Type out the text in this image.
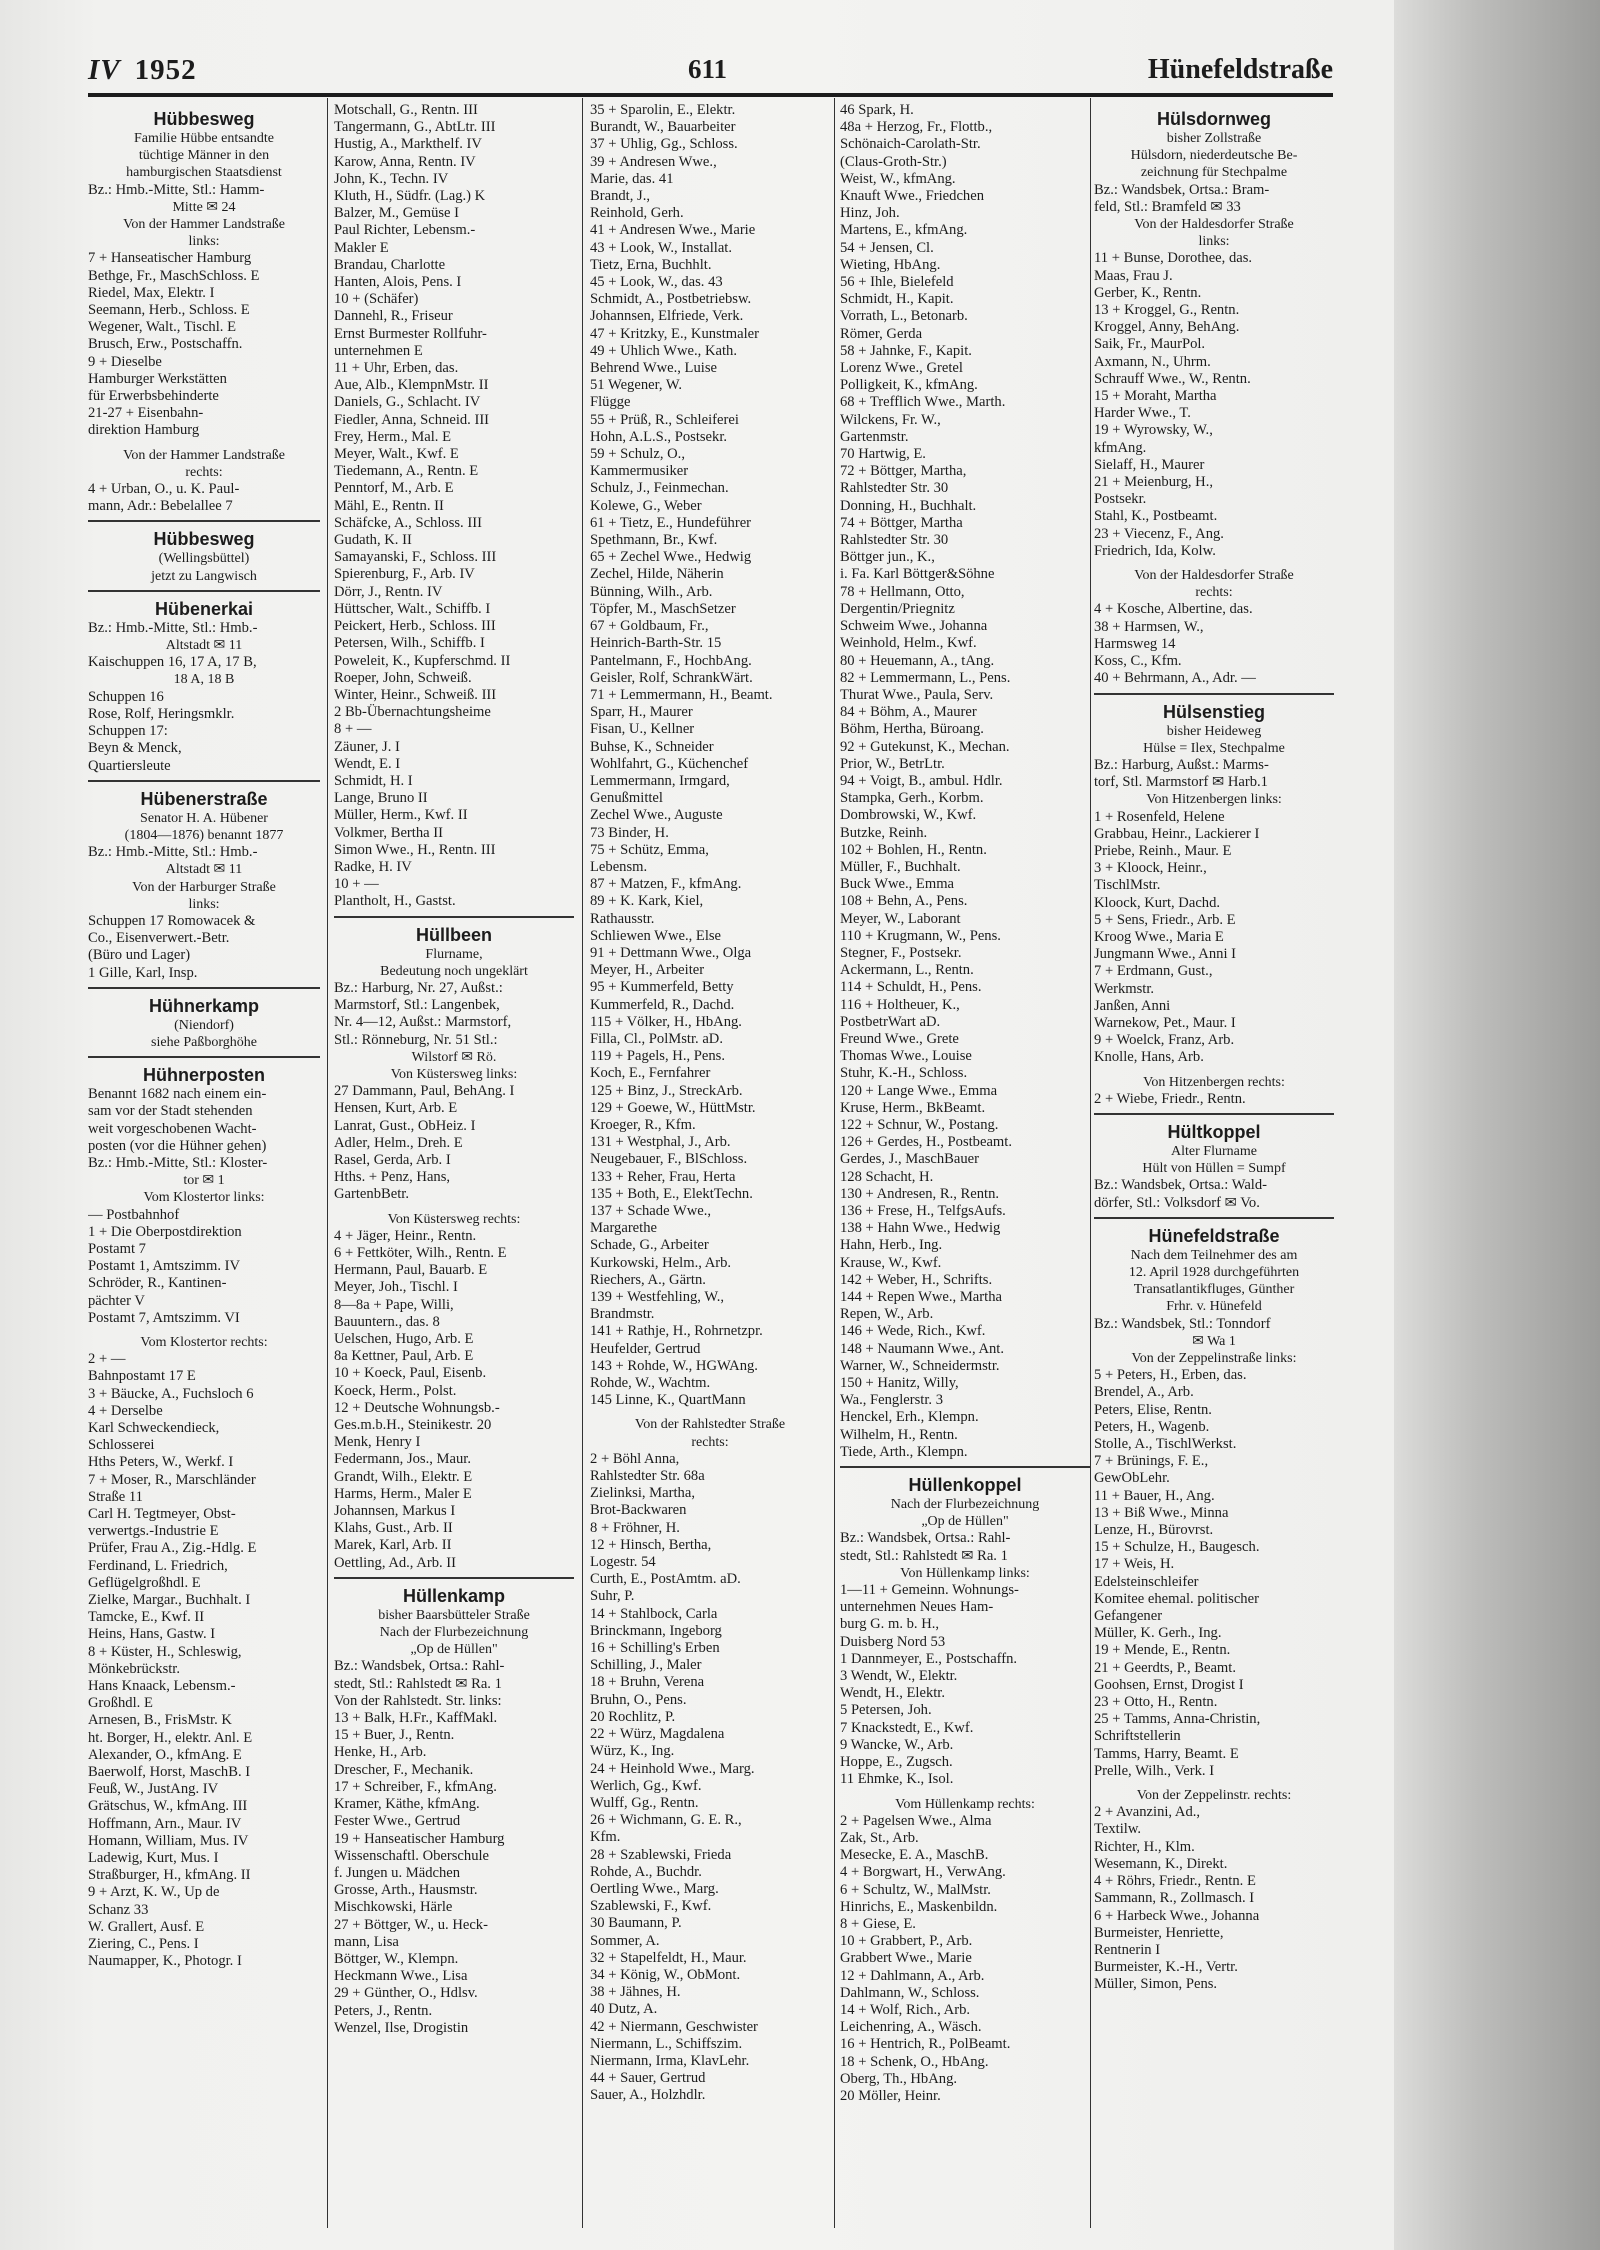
IV 1952	611	Hünefeldstraße
Hübbesweg
Familie Hübbe entsandte
tüchtige Männer in den
hamburgischen Staatsdienst
Bz.: Hmb.-Mitte, Stl.: Hamm-
Mitte ✉ 24
Von der Hammer Landstraße
links:
7 + Hanseatischer Hamburg
Bethge, Fr., MaschSchloss. E
Riedel, Max, Elektr. I
Seemann, Herb., Schloss. E
Wegener, Walt., Tischl. E
Brusch, Erw., Postschaffn.
9 + Dieselbe
Hamburger Werkstätten
für Erwerbsbehinderte
21-27 + Eisenbahn-
direktion Hamburg
Von der Hammer Landstraße
rechts:
4 + Urban, O., u. K. Paul-
mann, Adr.: Bebelallee 7
Hübbesweg
(Wellingsbüttel)
jetzt zu Langwisch
Hübenerkai
Bz.: Hmb.-Mitte, Stl.: Hmb.-
Altstadt ✉ 11
Kaischuppen 16, 17 A, 17 B,
18 A, 18 B
Schuppen 16
Rose, Rolf, Heringsmklr.
Schuppen 17:
Beyn & Menck,
Quartiersleute
Hübenerstraße
Senator H. A. Hübener
(1804—1876) benannt 1877
Bz.: Hmb.-Mitte, Stl.: Hmb.-
Altstadt ✉ 11
Von der Harburger Straße
links:
Schuppen 17 Romowacek &
Co., Eisenverwert.-Betr.
(Büro und Lager)
1 Gille, Karl, Insp.
Hühnerkamp
(Niendorf)
siehe Paßborghöhe
Hühnerposten
Benannt 1682 nach einem ein-
sam vor der Stadt stehenden
weit vorgeschobenen Wacht-
posten (vor die Hühner gehen)
Bz.: Hmb.-Mitte, Stl.: Kloster-
tor ✉ 1
Vom Klostertor links:
— Postbahnhof
1 + Die Oberpostdirektion
Postamt 7
Postamt 1, Amtszimm. IV
Schröder, R., Kantinen-
pächter V
Postamt 7, Amtszimm. VI
Vom Klostertor rechts:
2 + —
Bahnpostamt 17 E
3 + Bäucke, A., Fuchsloch 6
4 + Derselbe
Karl Schweckendieck,
Schlosserei
Hths Peters, W., Werkf. I
7 + Moser, R., Marschländer
Straße 11
Carl H. Tegtmeyer, Obst-
verwertgs.-Industrie E
Prüfer, Frau A., Zig.-Hdlg. E
Ferdinand, L. Friedrich,
Geflügelgroßhdl. E
Zielke, Margar., Buchhalt. I
Tamcke, E., Kwf. II
Heins, Hans, Gastw. I
8 + Küster, H., Schleswig,
Mönkebrückstr.
Hans Knaack, Lebensm.-
Großhdl. E
Arnesen, B., FrisMstr. K
ht. Borger, H., elektr. Anl. E
Alexander, O., kfmAng. E
Baerwolf, Horst, MaschB. I
Feuß, W., JustAng. IV
Grätschus, W., kfmAng. III
Hoffmann, Arn., Maur. IV
Homann, William, Mus. IV
Ladewig, Kurt, Mus. I
Straßburger, H., kfmAng. II
9 + Arzt, K. W., Up de
Schanz 33
W. Grallert, Ausf. E
Ziering, C., Pens. I
Naumapper, K., Photogr. I
Motschall, G., Rentn. III
Tangermann, G., AbtLtr. III
Hustig, A., Markthelf. IV
Karow, Anna, Rentn. IV
John, K., Techn. IV
Kluth, H., Südfr. (Lag.) K
Balzer, M., Gemüse I
Paul Richter, Lebensm.-
Makler E
Brandau, Charlotte
Hanten, Alois, Pens. I
10 + (Schäfer)
Dannehl, R., Friseur
Ernst Burmester Rollfuhr-
unternehmen E
11 + Uhr, Erben, das.
Aue, Alb., KlempnMstr. II
Daniels, G., Schlacht. IV
Fiedler, Anna, Schneid. III
Frey, Herm., Mal. E
Meyer, Walt., Kwf. E
Tiedemann, A., Rentn. E
Penntorf, M., Arb. E
Mähl, E., Rentn. II
Schäfcke, A., Schloss. III
Gudath, K. II
Samayanski, F., Schloss. III
Spierenburg, F., Arb. IV
Dörr, J., Rentn. IV
Hüttscher, Walt., Schiffb. I
Peickert, Herb., Schloss. III
Petersen, Wilh., Schiffb. I
Poweleit, K., Kupferschmd. II
Roeper, John, Schweiß.
Winter, Heinr., Schweiß. III
2 Bb-Übernachtungsheime
8 + —
Zäuner, J. I
Wendt, E. I
Schmidt, H. I
Lange, Bruno II
Müller, Herm., Kwf. II
Volkmer, Bertha II
Simon Wwe., H., Rentn. III
Radke, H. IV
10 + —
Plantholt, H., Gastst.
Hüllbeen
Flurname,
Bedeutung noch ungeklärt
Bz.: Harburg, Nr. 27, Außst.:
Marmstorf, Stl.: Langenbek,
Nr. 4—12, Außst.: Marmstorf,
Stl.: Rönneburg, Nr. 51 Stl.:
Wilstorf ✉ Rö.
Von Küstersweg links:
27 Dammann, Paul, BehAng. I
Hensen, Kurt, Arb. E
Lanrat, Gust., ObHeiz. I
Adler, Helm., Dreh. E
Rasel, Gerda, Arb. I
Hths. + Penz, Hans,
GartenbBetr.
Von Küstersweg rechts:
4 + Jäger, Heinr., Rentn.
6 + Fettköter, Wilh., Rentn. E
Hermann, Paul, Bauarb. E
Meyer, Joh., Tischl. I
8—8a + Pape, Willi,
Bauuntern., das. 8
Uelschen, Hugo, Arb. E
8a Kettner, Paul, Arb. E
10 + Koeck, Paul, Eisenb.
Koeck, Herm., Polst.
12 + Deutsche Wohnungsb.-
Ges.m.b.H., Steinikestr. 20
Menk, Henry I
Federmann, Jos., Maur.
Grandt, Wilh., Elektr. E
Harms, Herm., Maler E
Johannsen, Markus I
Klahs, Gust., Arb. II
Marek, Karl, Arb. II
Oettling, Ad., Arb. II
Hüllenkamp
bisher Baarsbütteler Straße
Nach der Flurbezeichnung
„Op de Hüllen"
Bz.: Wandsbek, Ortsa.: Rahl-
stedt, Stl.: Rahlstedt ✉ Ra. 1
Von der Rahlstedt. Str. links:
13 + Balk, H.Fr., KaffMakl.
15 + Buer, J., Rentn.
Henke, H., Arb.
Drescher, F., Mechanik.
17 + Schreiber, F., kfmAng.
Kramer, Käthe, kfmAng.
Fester Wwe., Gertrud
19 + Hanseatischer Hamburg
Wissenschaftl. Oberschule
f. Jungen u. Mädchen
Grosse, Arth., Hausmstr.
Mischkowski, Härle
27 + Böttger, W., u. Heck-
mann, Lisa
Böttger, W., Klempn.
Heckmann Wwe., Lisa
29 + Günther, O., Hdlsv.
Peters, J., Rentn.
Wenzel, Ilse, Drogistin
35 + Sparolin, E., Elektr.
Burandt, W., Bauarbeiter
37 + Uhlig, Gg., Schloss.
39 + Andresen Wwe.,
Marie, das. 41
Brandt, J.,
Reinhold, Gerh.
41 + Andresen Wwe., Marie
43 + Look, W., Installat.
Tietz, Erna, Buchhlt.
45 + Look, W., das. 43
Schmidt, A., Postbetriebsw.
Johannsen, Elfriede, Verk.
47 + Kritzky, E., Kunstmaler
49 + Uhlich Wwe., Kath.
Behrend Wwe., Luise
51 Wegener, W.
Flügge
55 + Prüß, R., Schleiferei
Hohn, A.L.S., Postsekr.
59 + Schulz, O.,
Kammermusiker
Schulz, J., Feinmechan.
Kolewe, G., Weber
61 + Tietz, E., Hundeführer
Spethmann, Br., Kwf.
65 + Zechel Wwe., Hedwig
Zechel, Hilde, Näherin
Bünning, Wilh., Arb.
Töpfer, M., MaschSetzer
67 + Goldbaum, Fr.,
Heinrich-Barth-Str. 15
Pantelmann, F., HochbAng.
Geisler, Rolf, SchrankWärt.
71 + Lemmermann, H., Beamt.
Sparr, H., Maurer
Fisan, U., Kellner
Buhse, K., Schneider
Wohlfahrt, G., Küchenchef
Lemmermann, Irmgard,
Genußmittel
Zechel Wwe., Auguste
73 Binder, H.
75 + Schütz, Emma,
Lebensm.
87 + Matzen, F., kfmAng.
89 + K. Kark, Kiel,
Rathausstr.
Schliewen Wwe., Else
91 + Dettmann Wwe., Olga
Meyer, H., Arbeiter
95 + Kummerfeld, Betty
Kummerfeld, R., Dachd.
115 + Völker, H., HbAng.
Filla, Cl., PolMstr. aD.
119 + Pagels, H., Pens.
Koch, E., Fernfahrer
125 + Binz, J., StreckArb.
129 + Goewe, W., HüttMstr.
Kroeger, R., Kfm.
131 + Westphal, J., Arb.
Neugebauer, F., BlSchloss.
133 + Reher, Frau, Herta
135 + Both, E., ElektTechn.
137 + Schade Wwe.,
Margarethe
Schade, G., Arbeiter
Kurkowski, Helm., Arb.
Riechers, A., Gärtn.
139 + Westfehling, W.,
Brandmstr.
141 + Rathje, H., Rohrnetzpr.
Heufelder, Gertrud
143 + Rohde, W., HGWAng.
Rohde, W., Wachtm.
145 Linne, K., QuartMann
Von der Rahlstedter Straße
rechts:
2 + Böhl Anna,
Rahlstedter Str. 68a
Zielinksi, Martha,
Brot-Backwaren
8 + Fröhner, H.
12 + Hinsch, Bertha,
Logestr. 54
Curth, E., PostAmtm. aD.
Suhr, P.
14 + Stahlbock, Carla
Brinckmann, Ingeborg
16 + Schilling's Erben
Schilling, J., Maler
18 + Bruhn, Verena
Bruhn, O., Pens.
20 Rochlitz, P.
22 + Würz, Magdalena
Würz, K., Ing.
24 + Heinhold Wwe., Marg.
Werlich, Gg., Kwf.
Wulff, Gg., Rentn.
26 + Wichmann, G. E. R.,
Kfm.
28 + Szablewski, Frieda
Rohde, A., Buchdr.
Oertling Wwe., Marg.
Szablewski, F., Kwf.
30 Baumann, P.
Sommer, A.
32 + Stapelfeldt, H., Maur.
34 + König, W., ObMont.
38 + Jähnes, H.
40 Dutz, A.
42 + Niermann, Geschwister
Niermann, L., Schiffszim.
Niermann, Irma, KlavLehr.
44 + Sauer, Gertrud
Sauer, A., Holzhdlr.
46 Spark, H.
48a + Herzog, Fr., Flottb.,
Schönaich-Carolath-Str.
(Claus-Groth-Str.)
Weist, W., kfmAng.
Knauft Wwe., Friedchen
Hinz, Joh.
Martens, E., kfmAng.
54 + Jensen, Cl.
Wieting, HbAng.
56 + Ihle, Bielefeld
Schmidt, H., Kapit.
Vorrath, L., Betonarb.
Römer, Gerda
58 + Jahnke, F., Kapit.
Lorenz Wwe., Gretel
Polligkeit, K., kfmAng.
68 + Trefflich Wwe., Marth.
Wilckens, Fr. W.,
Gartenmstr.
70 Hartwig, E.
72 + Böttger, Martha,
Rahlstedter Str. 30
Donning, H., Buchhalt.
74 + Böttger, Martha
Rahlstedter Str. 30
Böttger jun., K.,
i. Fa. Karl Böttger&Söhne
78 + Hellmann, Otto,
Dergentin/Priegnitz
Schweim Wwe., Johanna
Weinhold, Helm., Kwf.
80 + Heuemann, A., tAng.
82 + Lemmermann, L., Pens.
Thurat Wwe., Paula, Serv.
84 + Böhm, A., Maurer
Böhm, Hertha, Büroang.
92 + Gutekunst, K., Mechan.
Prior, W., BetrLtr.
94 + Voigt, B., ambul. Hdlr.
Stampka, Gerh., Korbm.
Dombrowski, W., Kwf.
Butzke, Reinh.
102 + Bohlen, H., Rentn.
Müller, F., Buchhalt.
Buck Wwe., Emma
108 + Behn, A., Pens.
Meyer, W., Laborant
110 + Krugmann, W., Pens.
Stegner, F., Postsekr.
Ackermann, L., Rentn.
114 + Schuldt, H., Pens.
116 + Holtheuer, K.,
PostbetrWart aD.
Freund Wwe., Grete
Thomas Wwe., Louise
Stuhr, K.-H., Schloss.
120 + Lange Wwe., Emma
Kruse, Herm., BkBeamt.
122 + Schnur, W., Postang.
126 + Gerdes, H., Postbeamt.
Gerdes, J., MaschBauer
128 Schacht, H.
130 + Andresen, R., Rentn.
136 + Frese, H., TelfgsAufs.
138 + Hahn Wwe., Hedwig
Hahn, Herb., Ing.
Krause, W., Kwf.
142 + Weber, H., Schrifts.
144 + Repen Wwe., Martha
Repen, W., Arb.
146 + Wede, Rich., Kwf.
148 + Naumann Wwe., Ant.
Warner, W., Schneidermstr.
150 + Hanitz, Willy,
Wa., Fenglerstr. 3
Henckel, Erh., Klempn.
Wilhelm, H., Rentn.
Tiede, Arth., Klempn.
Hüllenkoppel
Nach der Flurbezeichnung
„Op de Hüllen"
Bz.: Wandsbek, Ortsa.: Rahl-
stedt, Stl.: Rahlstedt ✉ Ra. 1
Von Hüllenkamp links:
1—11 + Gemeinn. Wohnungs-
unternehmen Neues Ham-
burg G. m. b. H.,
Duisberg Nord 53
1 Dannmeyer, E., Postschaffn.
3 Wendt, W., Elektr.
Wendt, H., Elektr.
5 Petersen, Joh.
7 Knackstedt, E., Kwf.
9 Wancke, W., Arb.
Hoppe, E., Zugsch.
11 Ehmke, K., Isol.
Vom Hüllenkamp rechts:
2 + Pagelsen Wwe., Alma
Zak, St., Arb.
Mesecke, E. A., MaschB.
4 + Borgwart, H., VerwAng.
6 + Schultz, W., MalMstr.
Hinrichs, E., Maskenbildn.
8 + Giese, E.
10 + Grabbert, P., Arb.
Grabbert Wwe., Marie
12 + Dahlmann, A., Arb.
Dahlmann, W., Schloss.
14 + Wolf, Rich., Arb.
Leichenring, A., Wäsch.
16 + Hentrich, R., PolBeamt.
18 + Schenk, O., HbAng.
Oberg, Th., HbAng.
20 Möller, Heinr.
Hülsdornweg
bisher Zollstraße
Hülsdorn, niederdeutsche Be-
zeichnung für Stechpalme
Bz.: Wandsbek, Ortsa.: Bram-
feld, Stl.: Bramfeld ✉ 33
Von der Haldesdorfer Straße
links:
11 + Bunse, Dorothee, das.
Maas, Frau J.
Gerber, K., Rentn.
13 + Kroggel, G., Rentn.
Kroggel, Anny, BehAng.
Saik, Fr., MaurPol.
Axmann, N., Uhrm.
Schrauff Wwe., W., Rentn.
15 + Moraht, Martha
Harder Wwe., T.
19 + Wyrowsky, W.,
kfmAng.
Sielaff, H., Maurer
21 + Meienburg, H.,
Postsekr.
Stahl, K., Postbeamt.
23 + Viecenz, F., Ang.
Friedrich, Ida, Kolw.
Von der Haldesdorfer Straße
rechts:
4 + Kosche, Albertine, das.
38 + Harmsen, W.,
Harmsweg 14
Koss, C., Kfm.
40 + Behrmann, A., Adr. —
Hülsenstieg
bisher Heideweg
Hülse = Ilex, Stechpalme
Bz.: Harburg, Außst.: Marms-
torf, Stl. Marmstorf ✉ Harb.1
Von Hitzenbergen links:
1 + Rosenfeld, Helene
Grabbau, Heinr., Lackierer I
Priebe, Reinh., Maur. E
3 + Kloock, Heinr.,
TischlMstr.
Kloock, Kurt, Dachd.
5 + Sens, Friedr., Arb. E
Kroog Wwe., Maria E
Jungmann Wwe., Anni I
7 + Erdmann, Gust.,
Werkmstr.
Janßen, Anni
Warnekow, Pet., Maur. I
9 + Woelck, Franz, Arb.
Knolle, Hans, Arb.
Von Hitzenbergen rechts:
2 + Wiebe, Friedr., Rentn.
Hültkoppel
Alter Flurname
Hült von Hüllen = Sumpf
Bz.: Wandsbek, Ortsa.: Wald-
dörfer, Stl.: Volksdorf ✉ Vo.
Hünefeldstraße
Nach dem Teilnehmer des am
12. April 1928 durchgeführten
Transatlantikfluges, Günther
Frhr. v. Hünefeld
Bz.: Wandsbek, Stl.: Tonndorf
✉ Wa 1
Von der Zeppelinstraße links:
5 + Peters, H., Erben, das.
Brendel, A., Arb.
Peters, Elise, Rentn.
Peters, H., Wagenb.
Stolle, A., TischlWerkst.
7 + Brünings, F. E.,
GewObLehr.
11 + Bauer, H., Ang.
13 + Biß Wwe., Minna
Lenze, H., Bürovrst.
15 + Schulze, H., Baugesch.
17 + Weis, H.
Edelsteinschleifer
Komitee ehemal. politischer
Gefangener
Müller, K. Gerh., Ing.
19 + Mende, E., Rentn.
21 + Geerdts, P., Beamt.
Goohsen, Ernst, Drogist I
23 + Otto, H., Rentn.
25 + Tamms, Anna-Christin,
Schriftstellerin
Tamms, Harry, Beamt. E
Prelle, Wilh., Verk. I
Von der Zeppelinstr. rechts:
2 + Avanzini, Ad.,
Textilw.
Richter, H., Klm.
Wesemann, K., Direkt.
4 + Röhrs, Friedr., Rentn. E
Sammann, R., Zollmasch. I
6 + Harbeck Wwe., Johanna
Burmeister, Henriette,
Rentnerin I
Burmeister, K.-H., Vertr.
Müller, Simon, Pens.
